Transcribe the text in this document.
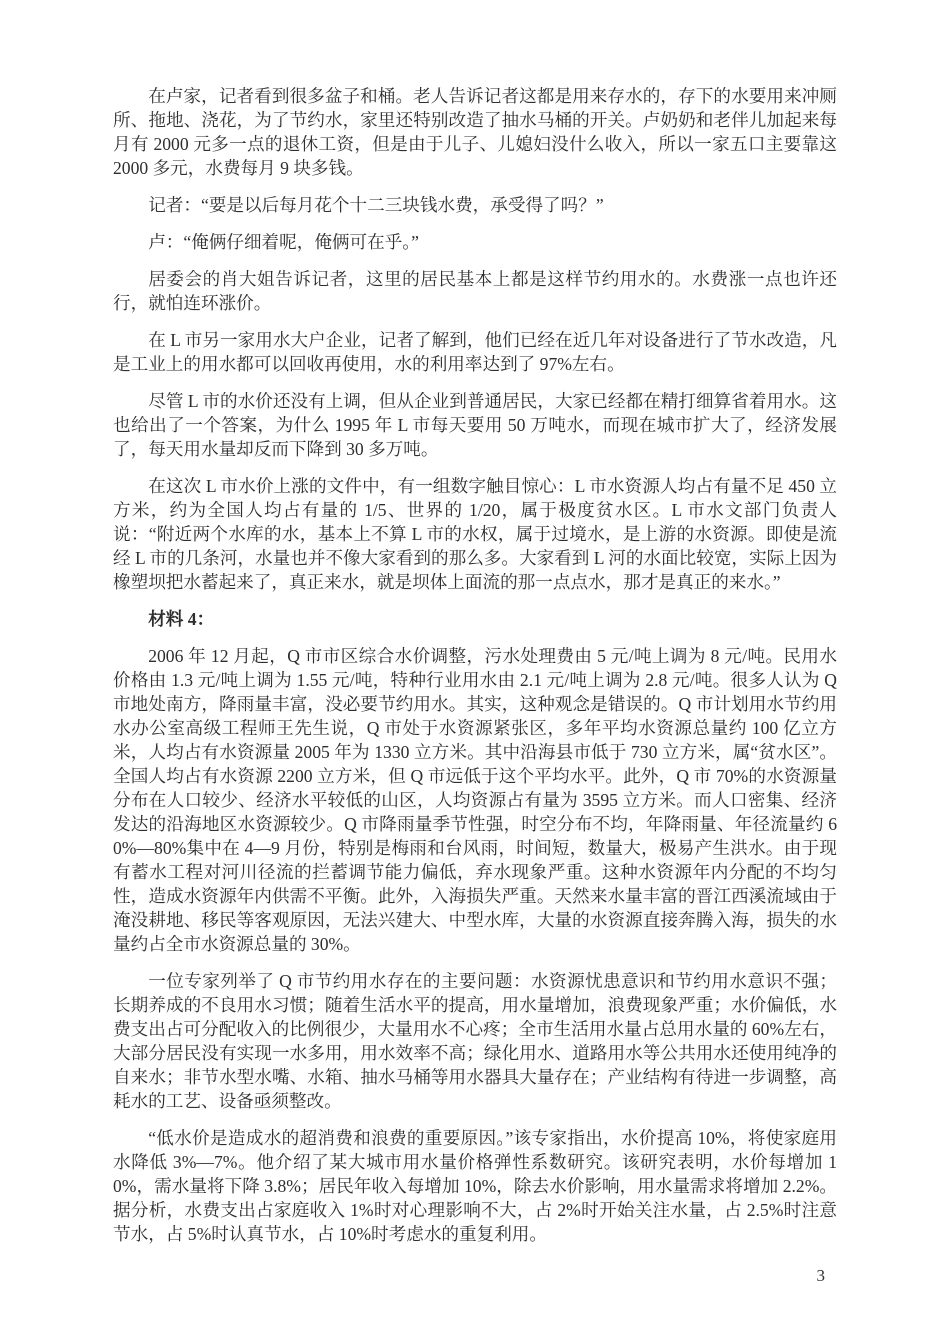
在卢家，记者看到很多盆子和桶。老人告诉记者这都是用来存水的，存下的水要用来冲厕所、拖地、浇花，为了节约水，家里还特别改造了抽水马桶的开关。卢奶奶和老伴儿加起来每月有 2000 元多一点的退休工资，但是由于儿子、儿媳妇没什么收入，所以一家五口主要靠这 2000 多元，水费每月 9 块多钱。

记者：“要是以后每月花个十二三块钱水费，承受得了吗？”

卢：“俺俩仔细着呢，俺俩可在乎。”

居委会的肖大姐告诉记者，这里的居民基本上都是这样节约用水的。水费涨一点也许还行，就怕连环涨价。

在 L 市另一家用水大户企业，记者了解到，他们已经在近几年对设备进行了节水改造，凡是工业上的用水都可以回收再使用，水的利用率达到了 97%左右。

尽管 L 市的水价还没有上调，但从企业到普通居民，大家已经都在精打细算省着用水。这也给出了一个答案，为什么 1995 年 L 市每天要用 50 万吨水，而现在城市扩大了，经济发展了，每天用水量却反而下降到 30 多万吨。

在这次 L 市水价上涨的文件中，有一组数字触目惊心：L 市水资源人均占有量不足 450 立方米，约为全国人均占有量的 1/5、世界的 1/20，属于极度贫水区。L 市水文部门负责人说：“附近两个水库的水，基本上不算 L 市的水权，属于过境水，是上游的水资源。即使是流经 L 市的几条河，水量也并不像大家看到的那么多。大家看到 L 河的水面比较宽，实际上因为橡塑坝把水蓄起来了，真正来水，就是坝体上面流的那一点点水，那才是真正的来水。”

材料 4：

2006 年 12 月起，Q 市市区综合水价调整，污水处理费由 5 元/吨上调为 8 元/吨。民用水价格由 1.3 元/吨上调为 1.55 元/吨，特种行业用水由 2.1 元/吨上调为 2.8 元/吨。很多人认为 Q 市地处南方，降雨量丰富，没必要节约用水。其实，这种观念是错误的。Q 市计划用水节约用水办公室高级工程师王先生说，Q 市处于水资源紧张区，多年平均水资源总量约 100 亿立方米，人均占有水资源量 2005 年为 1330 立方米。其中沿海县市低于 730 立方米，属“贫水区”。全国人均占有水资源 2200 立方米，但 Q 市远低于这个平均水平。此外，Q 市 70%的水资源量分布在人口较少、经济水平较低的山区，人均资源占有量为 3595 立方米。而人口密集、经济发达的沿海地区水资源较少。Q 市降雨量季节性强，时空分布不均，年降雨量、年径流量约 60%—80%集中在 4—9 月份，特别是梅雨和台风雨，时间短，数量大，极易产生洪水。由于现有蓄水工程对河川径流的拦蓄调节能力偏低，弃水现象严重。这种水资源年内分配的不均匀性，造成水资源年内供需不平衡。此外，入海损失严重。天然来水量丰富的晋江西溪流域由于淹没耕地、移民等客观原因，无法兴建大、中型水库，大量的水资源直接奔腾入海，损失的水量约占全市水资源总量的 30%。

一位专家列举了 Q 市节约用水存在的主要问题：水资源忧患意识和节约用水意识不强；长期养成的不良用水习惯；随着生活水平的提高，用水量增加，浪费现象严重；水价偏低，水费支出占可分配收入的比例很少，大量用水不心疼；全市生活用水量占总用水量的 60%左右，大部分居民没有实现一水多用，用水效率不高；绿化用水、道路用水等公共用水还使用纯净的自来水；非节水型水嘴、水箱、抽水马桶等用水器具大量存在；产业结构有待进一步调整，高耗水的工艺、设备亟须整改。

“低水价是造成水的超消费和浪费的重要原因。”该专家指出，水价提高 10%，将使家庭用水降低 3%—7%。他介绍了某大城市用水量价格弹性系数研究。该研究表明，水价每增加 10%，需水量将下降 3.8%；居民年收入每增加 10%，除去水价影响，用水量需求将增加 2.2%。据分析，水费支出占家庭收入 1%时对心理影响不大，占 2%时开始关注水量，占 2.5%时注意节水，占 5%时认真节水，占 10%时考虑水的重复利用。

3
